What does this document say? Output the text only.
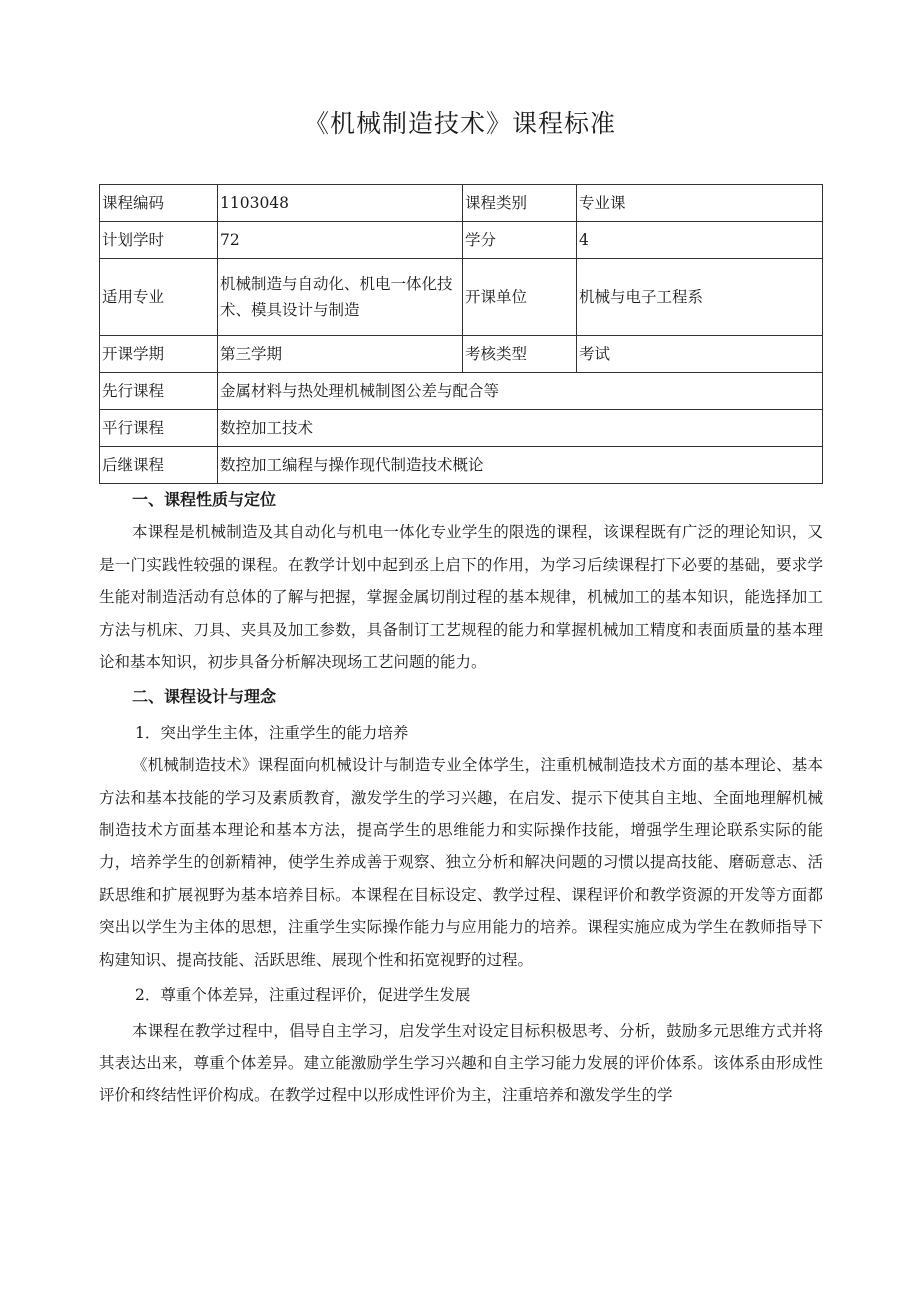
《机械制造技术》课程标准
课程编码	1103048	课程类别	专业课
计划学时	72	学分	4
适用专业	机械制造与自动化、机电一体化技术、模具设计与制造	开课单位	机械与电子工程系
开课学期	第三学期	考核类型	考试
先行课程	金属材料与热处理机械制图公差与配合等		
平行课程	数控加工技术		
后继课程	数控加工编程与操作现代制造技术概论		

一、课程性质与定位

本课程是机械制造及其自动化与机电一体化专业学生的限选的课程，该课程既有广泛的理论知识，又是一门实践性较强的课程。在教学计划中起到丞上启下的作用，为学习后续课程打下必要的基础，要求学生能对制造活动有总体的了解与把握，掌握金属切削过程的基本规律，机械加工的基本知识，能选择加工方法与机床、刀具、夹具及加工参数，具备制订工艺规程的能力和掌握机械加工精度和表面质量的基本理论和基本知识，初步具备分析解决现场工艺问题的能力。

二、课程设计与理念

1．突出学生主体，注重学生的能力培养

《机械制造技术》课程面向机械设计与制造专业全体学生，注重机械制造技术方面的基本理论、基本方法和基本技能的学习及素质教育，激发学生的学习兴趣，在启发、提示下使其自主地、全面地理解机械制造技术方面基本理论和基本方法，提高学生的思维能力和实际操作技能，增强学生理论联系实际的能力，培养学生的创新精神，使学生养成善于观察、独立分析和解决问题的习惯以提高技能、磨砺意志、活跃思维和扩展视野为基本培养目标。本课程在目标设定、教学过程、课程评价和教学资源的开发等方面都突出以学生为主体的思想，注重学生实际操作能力与应用能力的培养。课程实施应成为学生在教师指导下构建知识、提高技能、活跃思维、展现个性和拓宽视野的过程。

2．尊重个体差异，注重过程评价，促进学生发展

本课程在教学过程中，倡导自主学习，启发学生对设定目标积极思考、分析，鼓励多元思维方式并将其表达出来，尊重个体差异。建立能激励学生学习兴趣和自主学习能力发展的评价体系。该体系由形成性评价和终结性评价构成。在教学过程中以形成性评价为主，注重培养和激发学生的学
